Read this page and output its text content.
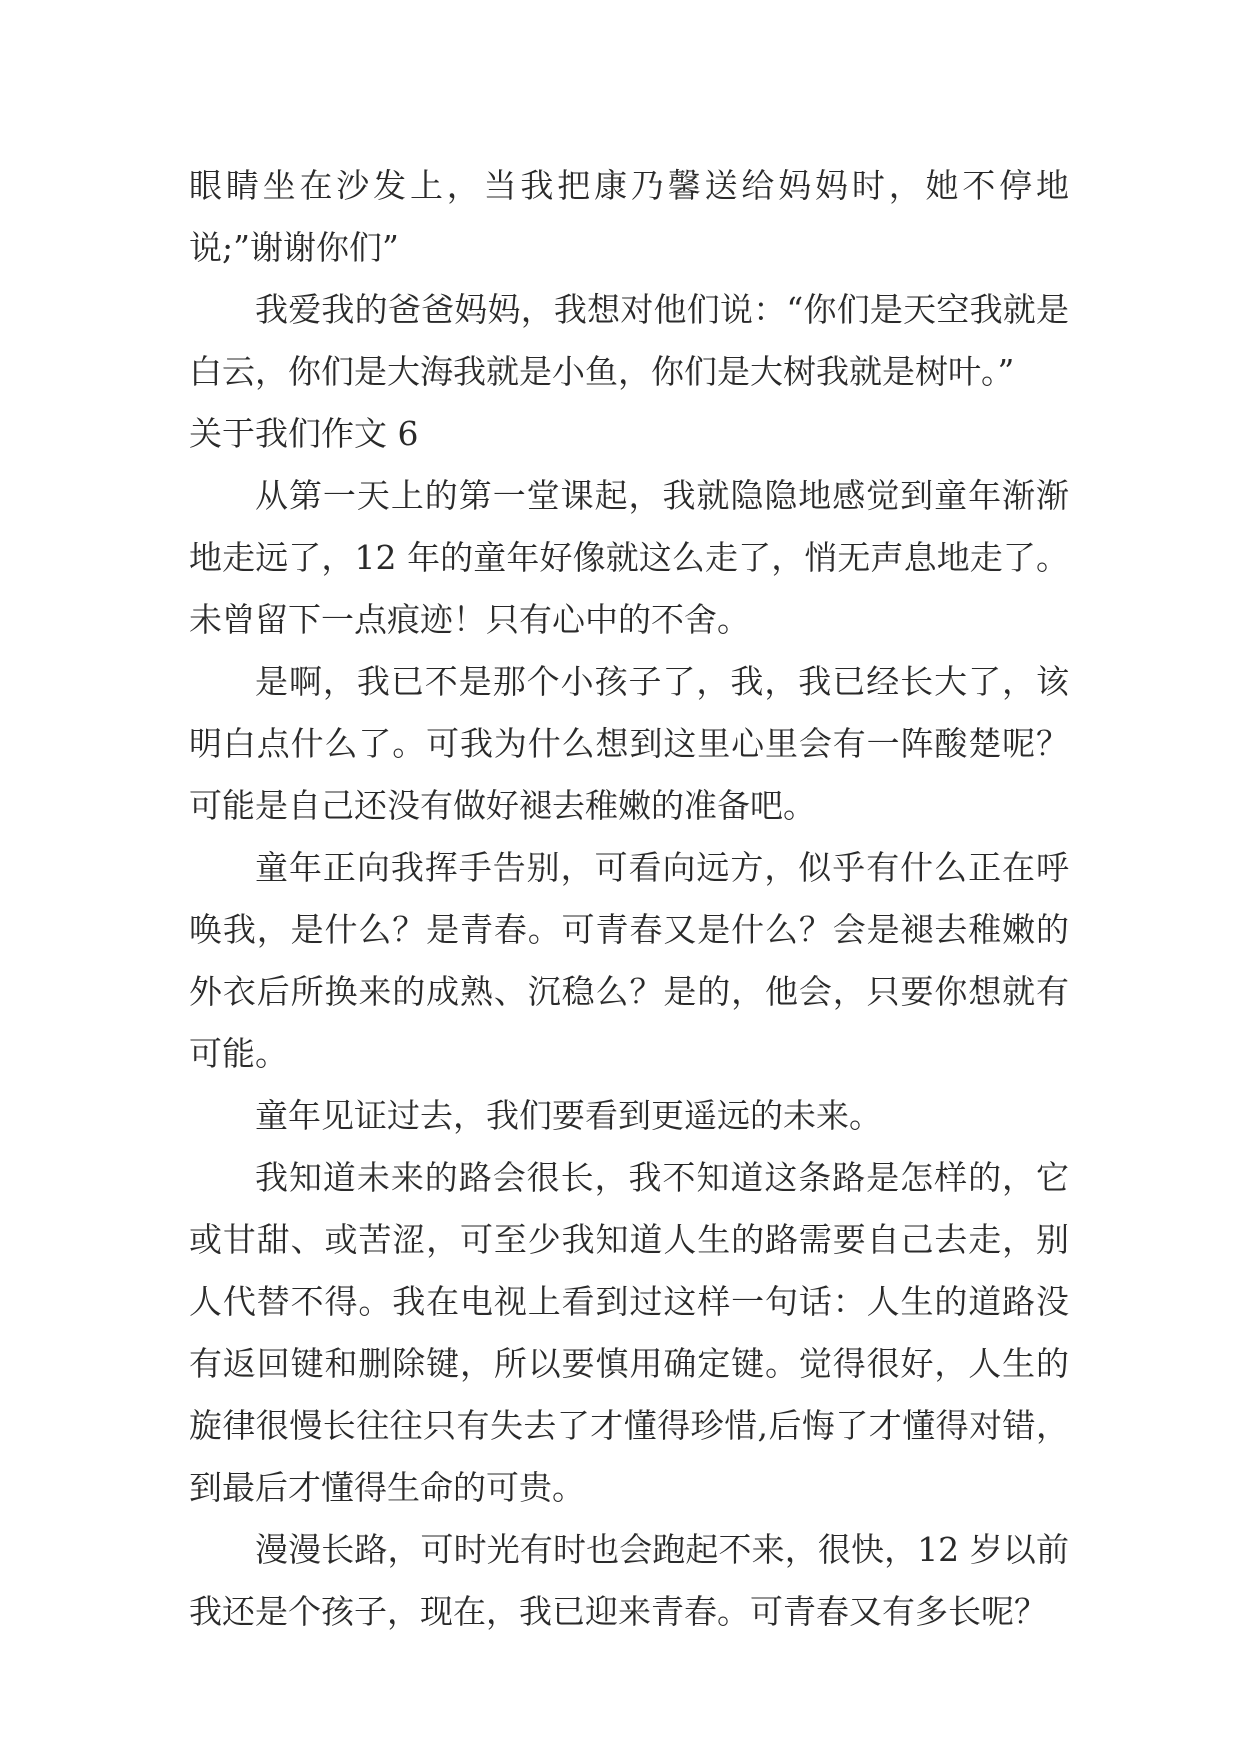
眼睛坐在沙发上，当我把康乃馨送给妈妈时，她不停地说;”谢谢你们”

我爱我的爸爸妈妈，我想对他们说：“你们是天空我就是白云，你们是大海我就是小鱼，你们是大树我就是树叶。”

关于我们作文 6

从第一天上的第一堂课起，我就隐隐地感觉到童年渐渐地走远了，12 年的童年好像就这么走了，悄无声息地走了。未曾留下一点痕迹！只有心中的不舍。

是啊，我已不是那个小孩子了，我，我已经长大了，该明白点什么了。可我为什么想到这里心里会有一阵酸楚呢？可能是自己还没有做好褪去稚嫩的准备吧。

童年正向我挥手告别，可看向远方，似乎有什么正在呼唤我，是什么？是青春。可青春又是什么？会是褪去稚嫩的外衣后所换来的成熟、沉稳么？是的，他会，只要你想就有可能。

童年见证过去，我们要看到更遥远的未来。

我知道未来的路会很长，我不知道这条路是怎样的，它或甘甜、或苦涩，可至少我知道人生的路需要自己去走，别人代替不得。我在电视上看到过这样一句话：人生的道路没有返回键和删除键，所以要慎用确定键。觉得很好，人生的旋律很慢长往往只有失去了才懂得珍惜,后悔了才懂得对错，到最后才懂得生命的可贵。

漫漫长路，可时光有时也会跑起不来，很快，12 岁以前我还是个孩子，现在，我已迎来青春。可青春又有多长呢？
